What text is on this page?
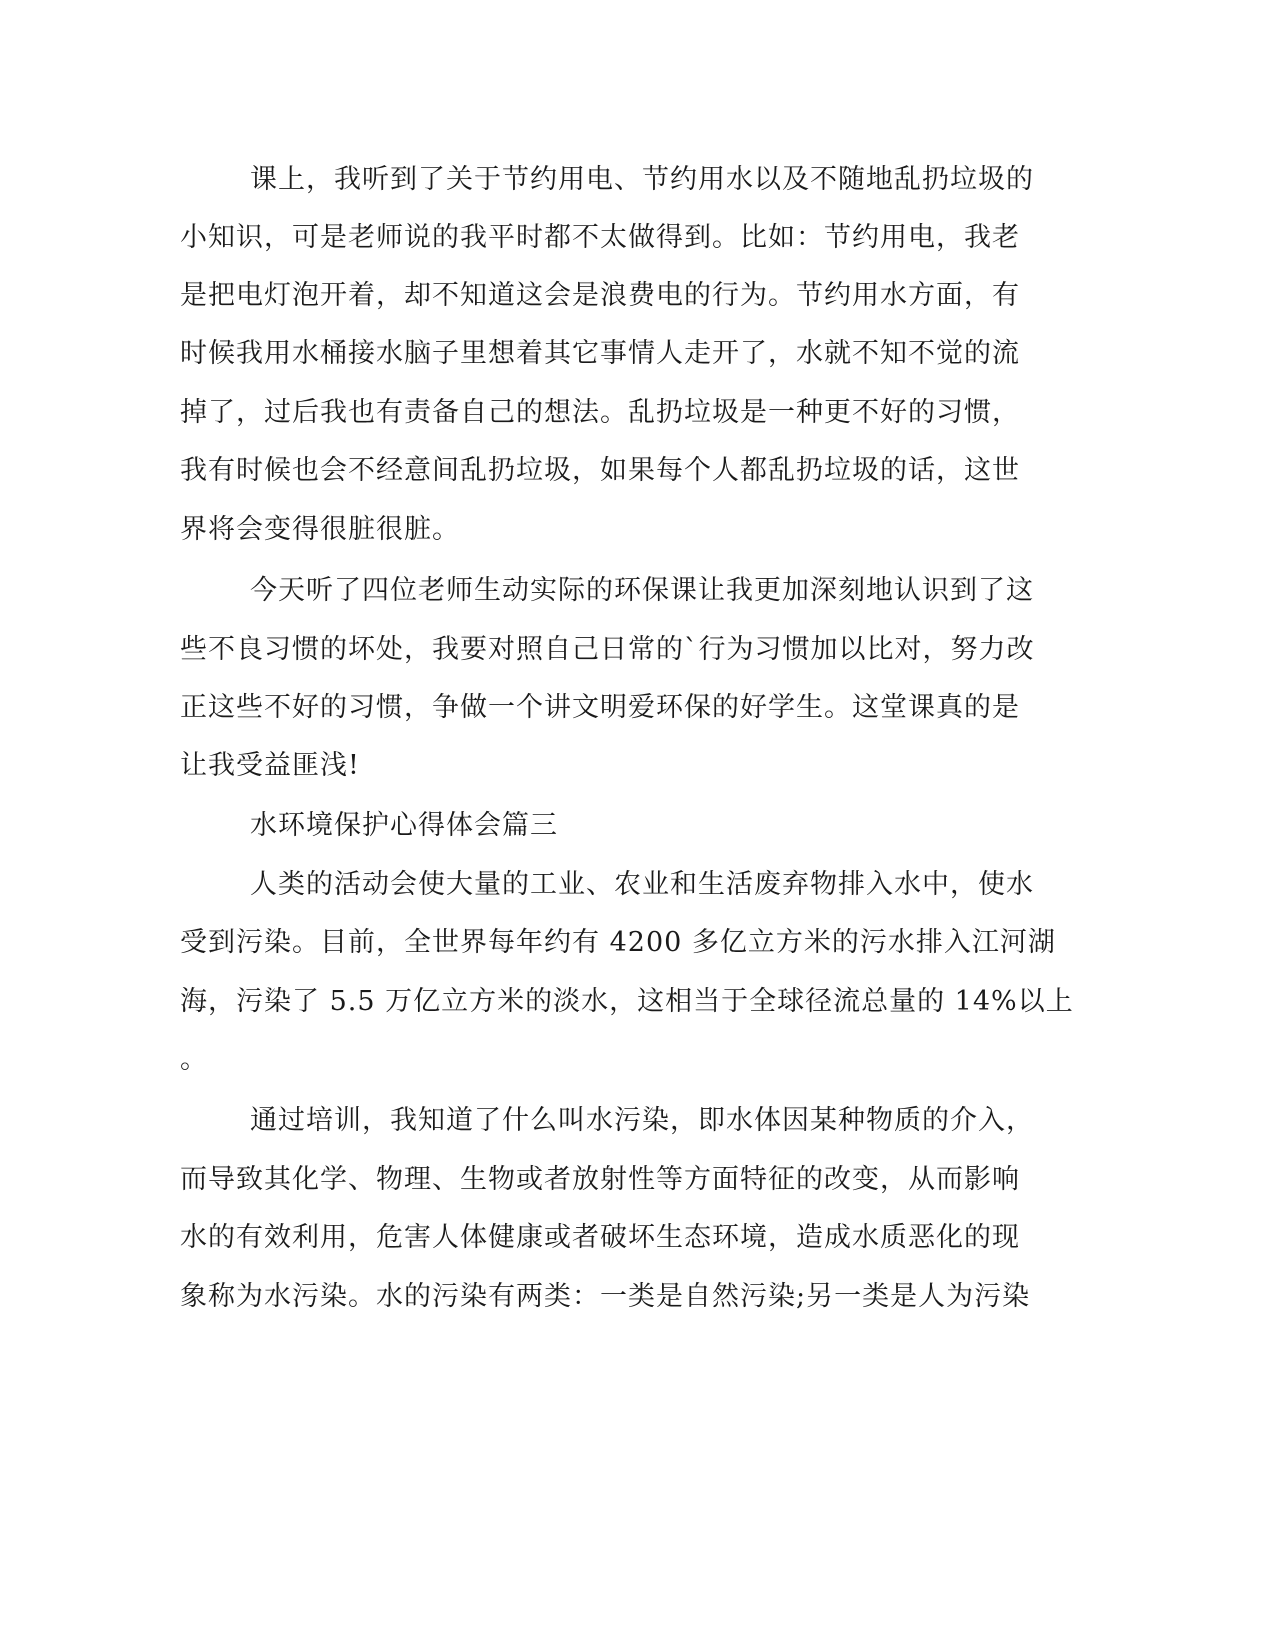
课上，我听到了关于节约用电、节约用水以及不随地乱扔垃圾的
小知识，可是老师说的我平时都不太做得到。比如：节约用电，我老
是把电灯泡开着，却不知道这会是浪费电的行为。节约用水方面，有
时候我用水桶接水脑子里想着其它事情人走开了，水就不知不觉的流
掉了，过后我也有责备自己的想法。乱扔垃圾是一种更不好的习惯，
我有时候也会不经意间乱扔垃圾，如果每个人都乱扔垃圾的话，这世
界将会变得很脏很脏。
今天听了四位老师生动实际的环保课让我更加深刻地认识到了这
些不良习惯的坏处，我要对照自己日常的`行为习惯加以比对，努力改
正这些不好的习惯，争做一个讲文明爱环保的好学生。这堂课真的是
让我受益匪浅!
水环境保护心得体会篇三
人类的活动会使大量的工业、农业和生活废弃物排入水中，使水
受到污染。目前，全世界每年约有 4200 多亿立方米的污水排入江河湖
海，污染了 5.5 万亿立方米的淡水，这相当于全球径流总量的 14%以上
。
通过培训，我知道了什么叫水污染，即水体因某种物质的介入，
而导致其化学、物理、生物或者放射性等方面特征的改变，从而影响
水的有效利用，危害人体健康或者破坏生态环境，造成水质恶化的现
象称为水污染。水的污染有两类：一类是自然污染;另一类是人为污染
